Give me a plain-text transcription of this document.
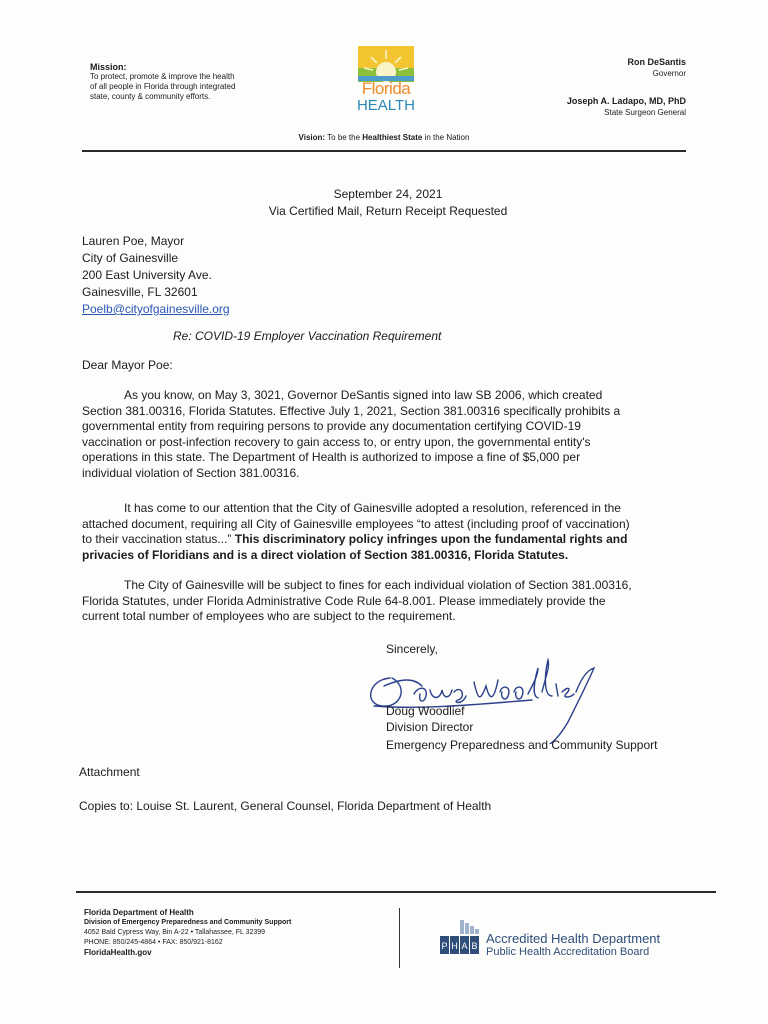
Mission:
To protect, promote & improve the health
of all people in Florida through integrated
state, county & community efforts.	Florida
HEALTH
Ron DeSantis
Governor
Joseph A. Ladapo, MD, PhD
State Surgeon General
Vision: To be the Healthiest State in the Nation
September 24, 2021
Via Certified Mail, Return Receipt Requested
Lauren Poe, Mayor
City of Gainesville
200 East University Ave.
Gainesville, FL 32601
Poelb@cityofgainesville.org
Re: COVID-19 Employer Vaccination Requirement
Dear Mayor Poe:
As you know, on May 3, 3021, Governor DeSantis signed into law SB 2006, which created
Section 381.00316, Florida Statutes. Effective July 1, 2021, Section 381.00316 specifically prohibits a
governmental entity from requiring persons to provide any documentation certifying COVID-19
vaccination or post-infection recovery to gain access to, or entry upon, the governmental entity's
operations in this state. The Department of Health is authorized to impose a fine of $5,000 per
individual violation of Section 381.00316.
It has come to our attention that the City of Gainesville adopted a resolution, referenced in the
attached document, requiring all City of Gainesville employees “to attest (including proof of vaccination)
to their vaccination status...” This discriminatory policy infringes upon the fundamental rights and
privacies of Floridians and is a direct violation of Section 381.00316, Florida Statutes.
The City of Gainesville will be subject to fines for each individual violation of Section 381.00316,
Florida Statutes, under Florida Administrative Code Rule 64-8.001. Please immediately provide the
current total number of employees who are subject to the requirement.
Sincerely,
Doug Woodlief
Division Director
Emergency Preparedness and Community Support
Attachment
Copies to: Louise St. Laurent, General Counsel, Florida Department of Health
Florida Department of Health
Division of Emergency Preparedness and Community Support
4052 Bald Cypress Way, Bin A-22 • Tallahassee, FL 32399
PHONE: 850/245-4864 • FAX: 850/921-8162
FloridaHealth.gov
P H A B Accredited Health Department
Public Health Accreditation Board
